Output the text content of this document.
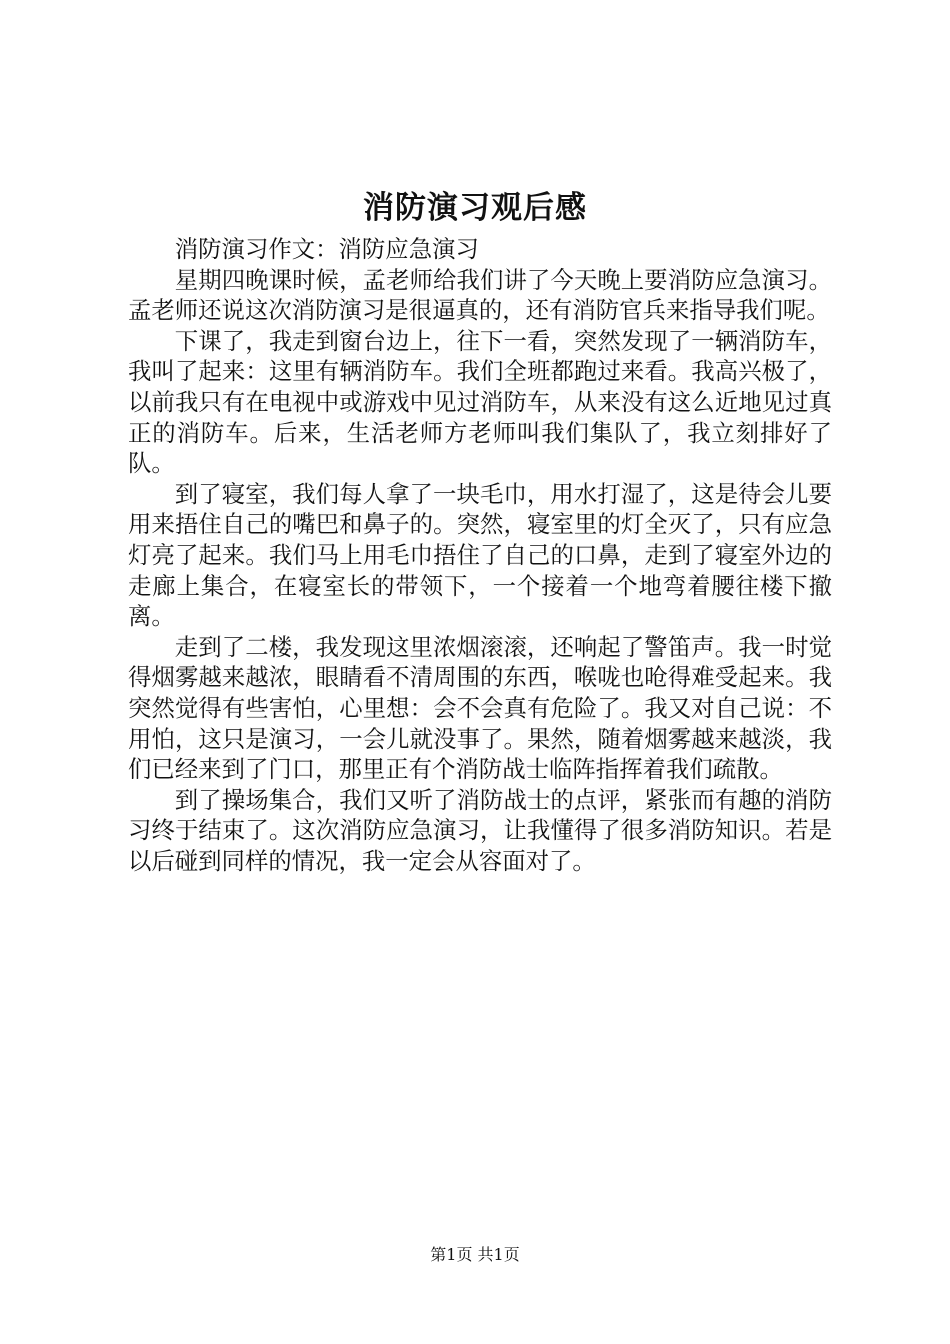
消防演习观后感

消防演习作文：消防应急演习

星期四晚课时候，孟老师给我们讲了今天晚上要消防应急演习。孟老师还说这次消防演习是很逼真的，还有消防官兵来指导我们呢。

下课了，我走到窗台边上，往下一看，突然发现了一辆消防车，我叫了起来：这里有辆消防车。我们全班都跑过来看。我高兴极了，以前我只有在电视中或游戏中见过消防车，从来没有这么近地见过真正的消防车。后来，生活老师方老师叫我们集队了，我立刻排好了队。

到了寝室，我们每人拿了一块毛巾，用水打湿了，这是待会儿要用来捂住自己的嘴巴和鼻子的。突然，寝室里的灯全灭了，只有应急灯亮了起来。我们马上用毛巾捂住了自己的口鼻，走到了寝室外边的走廊上集合，在寝室长的带领下，一个接着一个地弯着腰往楼下撤离。

走到了二楼，我发现这里浓烟滚滚，还响起了警笛声。我一时觉得烟雾越来越浓，眼睛看不清周围的东西，喉咙也呛得难受起来。我突然觉得有些害怕，心里想：会不会真有危险了。我又对自己说：不用怕，这只是演习，一会儿就没事了。果然，随着烟雾越来越淡，我们已经来到了门口，那里正有个消防战士临阵指挥着我们疏散。

到了操场集合，我们又听了消防战士的点评，紧张而有趣的消防习终于结束了。这次消防应急演习，让我懂得了很多消防知识。若是以后碰到同样的情况，我一定会从容面对了。

第1页 共1页
